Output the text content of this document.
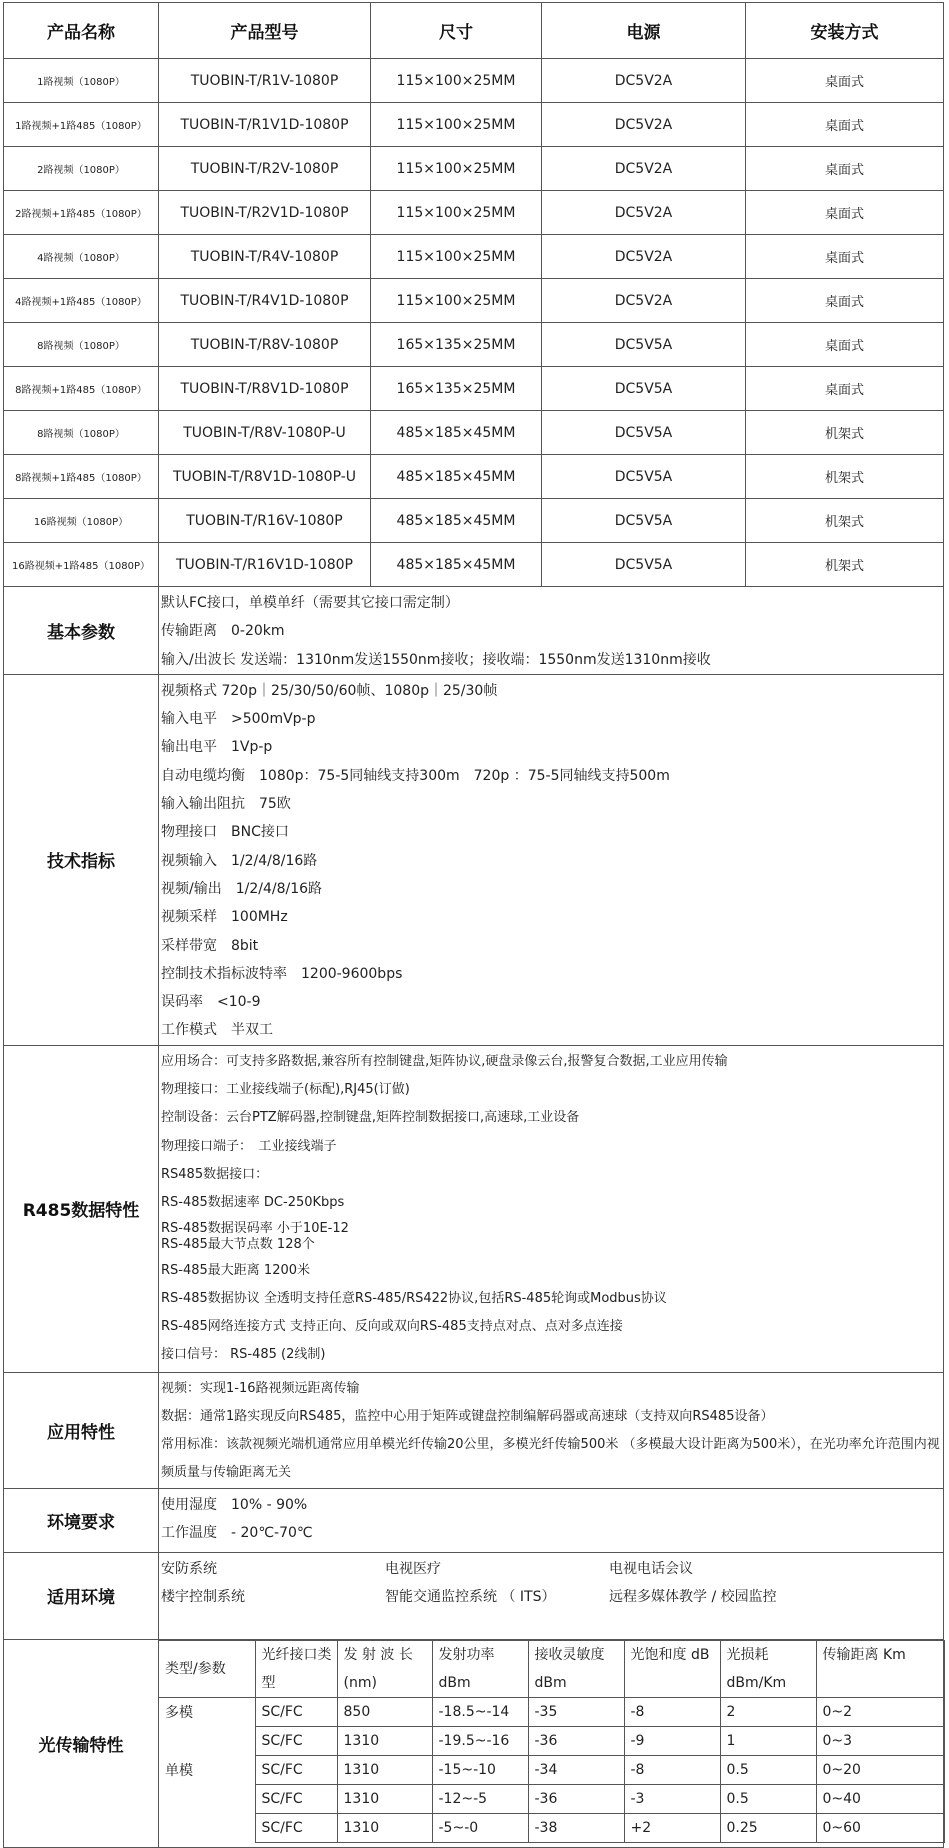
产品名称	产品型号	尺寸	电源	安装方式
1路视频（1080P）	TUOBIN-T/R1V-1080P	115×100×25MM	DC5V2A	桌面式
1路视频+1路485（1080P）	TUOBIN-T/R1V1D-1080P	115×100×25MM	DC5V2A	桌面式
2路视频（1080P）	TUOBIN-T/R2V-1080P	115×100×25MM	DC5V2A	桌面式
2路视频+1路485（1080P）	TUOBIN-T/R2V1D-1080P	115×100×25MM	DC5V2A	桌面式
4路视频（1080P）	TUOBIN-T/R4V-1080P	115×100×25MM	DC5V2A	桌面式
4路视频+1路485（1080P）	TUOBIN-T/R4V1D-1080P	115×100×25MM	DC5V2A	桌面式
8路视频（1080P）	TUOBIN-T/R8V-1080P	165×135×25MM	DC5V5A	桌面式
8路视频+1路485（1080P）	TUOBIN-T/R8V1D-1080P	165×135×25MM	DC5V5A	桌面式
8路视频（1080P）	TUOBIN-T/R8V-1080P-U	485×185×45MM	DC5V5A	机架式
8路视频+1路485（1080P）	TUOBIN-T/R8V1D-1080P-U	485×185×45MM	DC5V5A	机架式
16路视频（1080P）	TUOBIN-T/R16V-1080P	485×185×45MM	DC5V5A	机架式
16路视频+1路485（1080P）	TUOBIN-T/R16V1D-1080P	485×185×45MM	DC5V5A	机架式
基本参数	
默认FC接口，单模单纤（需要其它接口需定制）
传输距离　0-20km
输入/出波长 发送端：1310nm发送1550nm接收；接收端：1550nm发送1310nm接收

技术指标	
视频格式 720p｜25/30/50/60帧、1080p｜25/30帧
输入电平　>500mVp-p
输出电平　1Vp-p
自动电缆均衡　1080p：75-5同轴线支持300m　720p ：75-5同轴线支持500m
输入输出阻抗　75欧
物理接口　BNC接口
视频输入　1/2/4/8/16路
视频/输出　1/2/4/8/16路
视频采样　100MHz
采样带宽　8bit
控制技术指标波特率　1200-9600bps
误码率　<10-9
工作模式　半双工

R485数据特性	
应用场合：可支持多路数据,兼容所有控制键盘,矩阵协议,硬盘录像云台,报警复合数据,工业应用传输
物理接口：工业接线端子(标配),RJ45(订做)
控制设备：云台PTZ解码器,控制键盘,矩阵控制数据接口,高速球,工业设备
物理接口端子：　工业接线端子
RS485数据接口：
RS-485数据速率 DC-250Kbps
RS-485数据误码率 小于10E-12
RS-485最大节点数 128个
RS-485最大距离 1200米
RS-485数据协议 全透明支持任意RS-485/RS422协议,包括RS-485轮询或Modbus协议
RS-485网络连接方式 支持正向、反向或双向RS-485支持点对点、点对多点连接
接口信号： RS-485 (2线制)

应用特性	
视频：实现1-16路视频远距离传输
数据：通常1路实现反向RS485，监控中心用于矩阵或键盘控制编解码器或高速球（支持双向RS485设备）
常用标准：该款视频光端机通常应用单模光纤传输20公里，多模光纤传输500米 （多模最大设计距离为500米），在光功率允许范围内视频质量与传输距离无关

环境要求	
使用湿度　10% - 90%
工作温度　- 20℃-70℃

适用环境	
安防系统	电视医疗	电视电话会议
楼宇控制系统	智能交通监控系统 （ ITS）	远程多媒体教学 / 校园监控

光传输特性	
类型/参数	光纤接口类型	发 射 波 长 (nm)	发射功率 dBm	接收灵敏度 dBm	光饱和度 dB	光损耗 dBm/Km	传输距离 Km
多模	SC/FC	850	-18.5~-14	-35	-8	2	0~2
	SC/FC	1310	-19.5~-16	-36	-9	1	0~3
单模	SC/FC	1310	-15~-10	-34	-8	0.5	0~20
	SC/FC	1310	-12~-5	-36	-3	0.5	0~40
	SC/FC	1310	-5~-0	-38	+2	0.25	0~60
